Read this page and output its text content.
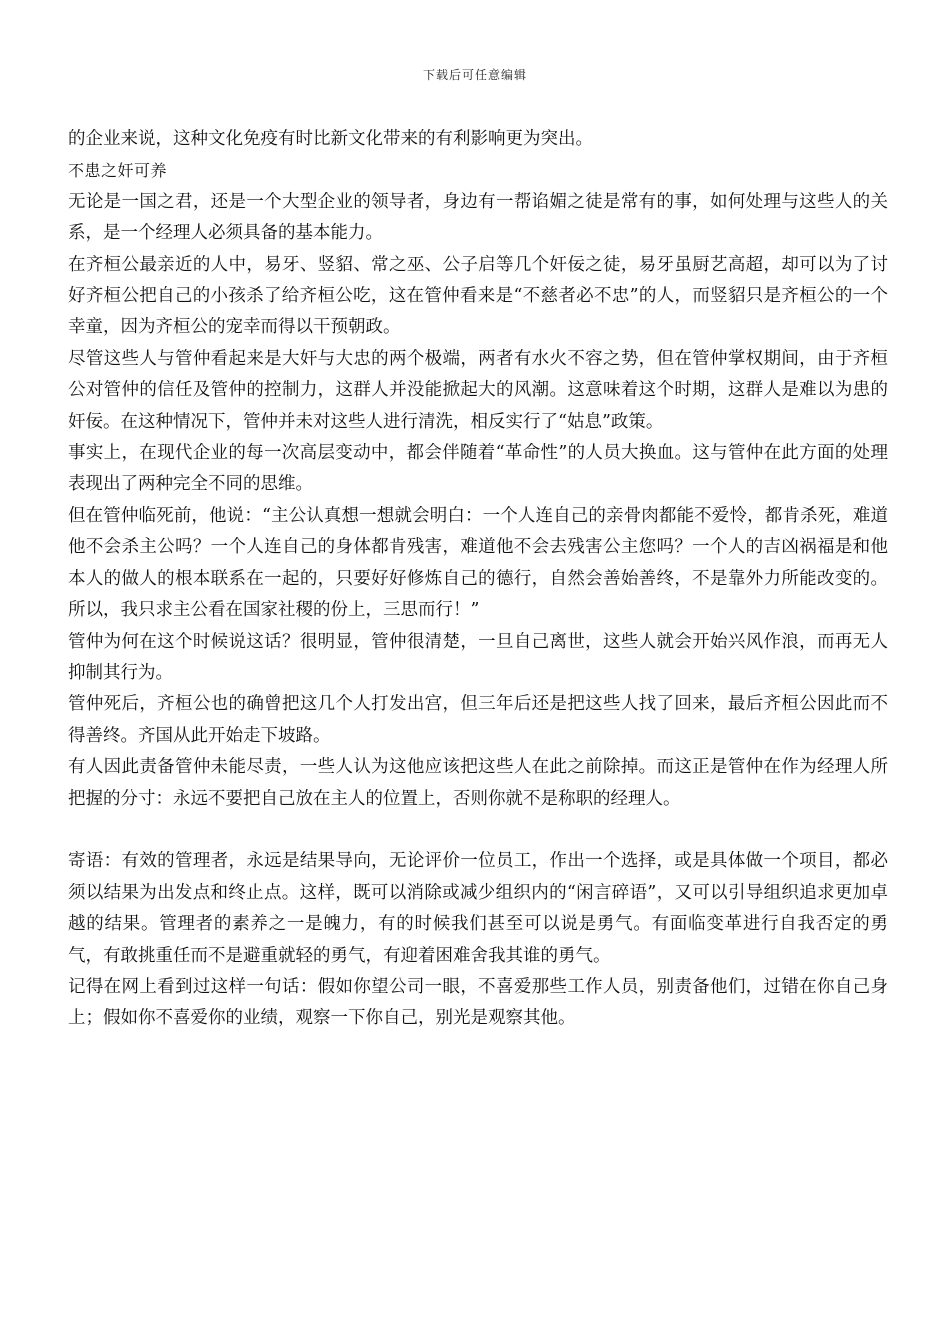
下载后可任意编辑

的企业来说，这种文化免疫有时比新文化带来的有利影响更为突出。

不患之奸可养

无论是一国之君，还是一个大型企业的领导者，身边有一帮谄媚之徒是常有的事，如何处理与这些人的关系，是一个经理人必须具备的基本能力。

在齐桓公最亲近的人中，易牙、竖貂、常之巫、公子启等几个奸佞之徒，易牙虽厨艺高超，却可以为了讨好齐桓公把自己的小孩杀了给齐桓公吃，这在管仲看来是“不慈者必不忠”的人，而竖貂只是齐桓公的一个幸童，因为齐桓公的宠幸而得以干预朝政。

尽管这些人与管仲看起来是大奸与大忠的两个极端，两者有水火不容之势，但在管仲掌权期间，由于齐桓公对管仲的信任及管仲的控制力，这群人并没能掀起大的风潮。这意味着这个时期，这群人是难以为患的奸佞。在这种情况下，管仲并未对这些人进行清洗，相反实行了“姑息”政策。

事实上，在现代企业的每一次高层变动中，都会伴随着“革命性”的人员大换血。这与管仲在此方面的处理表现出了两种完全不同的思维。

但在管仲临死前，他说：“主公认真想一想就会明白：一个人连自己的亲骨肉都能不爱怜，都肯杀死，难道他不会杀主公吗？一个人连自己的身体都肯残害，难道他不会去残害公主您吗？一个人的吉凶祸福是和他本人的做人的根本联系在一起的，只要好好修炼自己的德行，自然会善始善终，不是靠外力所能改变的。所以，我只求主公看在国家社稷的份上，三思而行！”

管仲为何在这个时候说这话？很明显，管仲很清楚，一旦自己离世，这些人就会开始兴风作浪，而再无人抑制其行为。

管仲死后，齐桓公也的确曾把这几个人打发出宫，但三年后还是把这些人找了回来，最后齐桓公因此而不得善终。齐国从此开始走下坡路。

有人因此责备管仲未能尽责，一些人认为这他应该把这些人在此之前除掉。而这正是管仲在作为经理人所把握的分寸：永远不要把自己放在主人的位置上，否则你就不是称职的经理人。

寄语：有效的管理者，永远是结果导向，无论评价一位员工，作出一个选择，或是具体做一个项目，都必须以结果为出发点和终止点。这样，既可以消除或减少组织内的“闲言碎语”，又可以引导组织追求更加卓越的结果。管理者的素养之一是魄力，有的时候我们甚至可以说是勇气。有面临变革进行自我否定的勇气，有敢挑重任而不是避重就轻的勇气，有迎着困难舍我其谁的勇气。

记得在网上看到过这样一句话：假如你望公司一眼，不喜爱那些工作人员，别责备他们，过错在你自己身上；假如你不喜爱你的业绩，观察一下你自己，别光是观察其他。
